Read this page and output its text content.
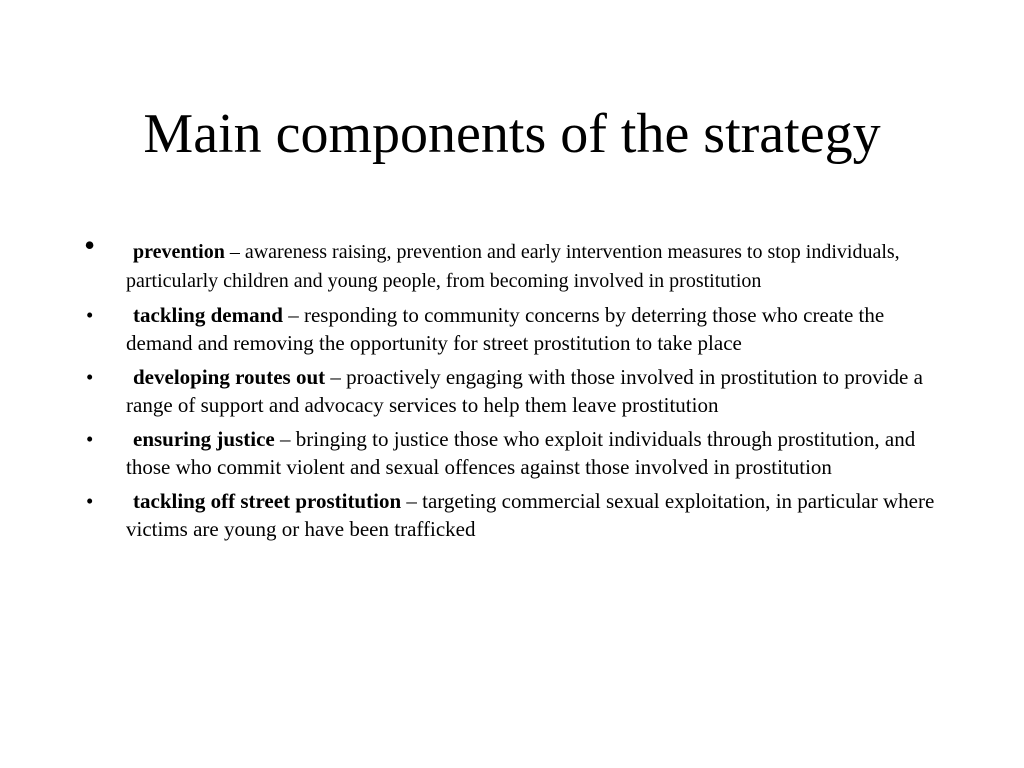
Main components of the strategy
• prevention – awareness raising, prevention and early intervention measures to stop individuals, particularly children and young people, from becoming involved in prostitution
• tackling demand – responding to community concerns by deterring those who create the demand and removing the opportunity for street prostitution to take place
• developing routes out – proactively engaging with those involved in prostitution to provide a range of support and advocacy services to help them leave prostitution
• ensuring justice – bringing to justice those who exploit individuals through prostitution, and those who commit violent and sexual offences against those involved in prostitution
• tackling off street prostitution – targeting commercial sexual exploitation, in particular where victims are young or have been trafficked
